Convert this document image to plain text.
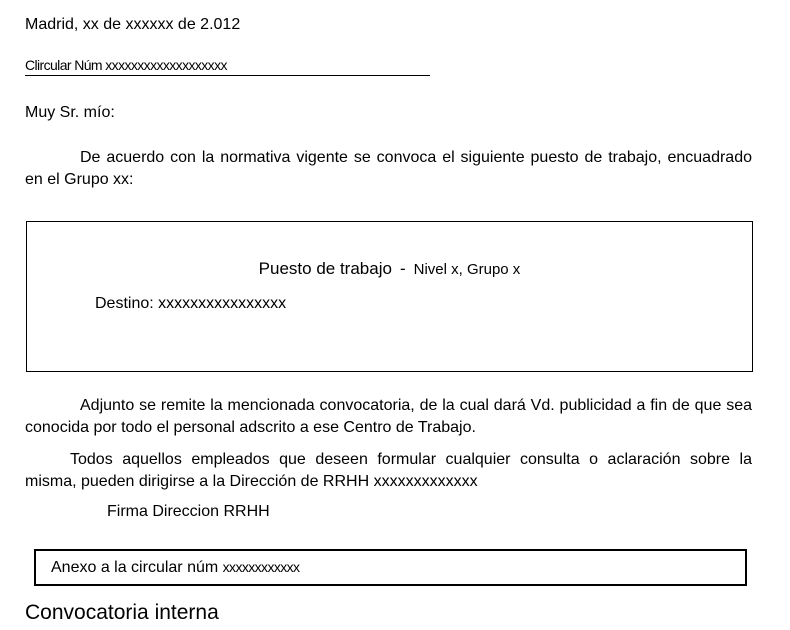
Madrid, xx de xxxxxx de 2.012
Clircular Núm xxxxxxxxxxxxxxxxxxx
Muy Sr. mío:
De acuerdo con la normativa vigente se convoca el siguiente puesto de trabajo, encuadrado en el Grupo xx:
Puesto de trabajo - Nivel x, Grupo x
Destino: xxxxxxxxxxxxxxxx
Adjunto se remite la mencionada convocatoria, de la cual dará Vd. publicidad a fin de que sea conocida por todo el personal adscrito a ese Centro de Trabajo.
Todos aquellos empleados que deseen formular cualquier consulta o aclaración sobre la misma, pueden dirigirse a la Dirección de RRHH xxxxxxxxxxxxx
Firma Direccion RRHH
Anexo a la circular núm xxxxxxxxxxxx
Convocatoria interna
